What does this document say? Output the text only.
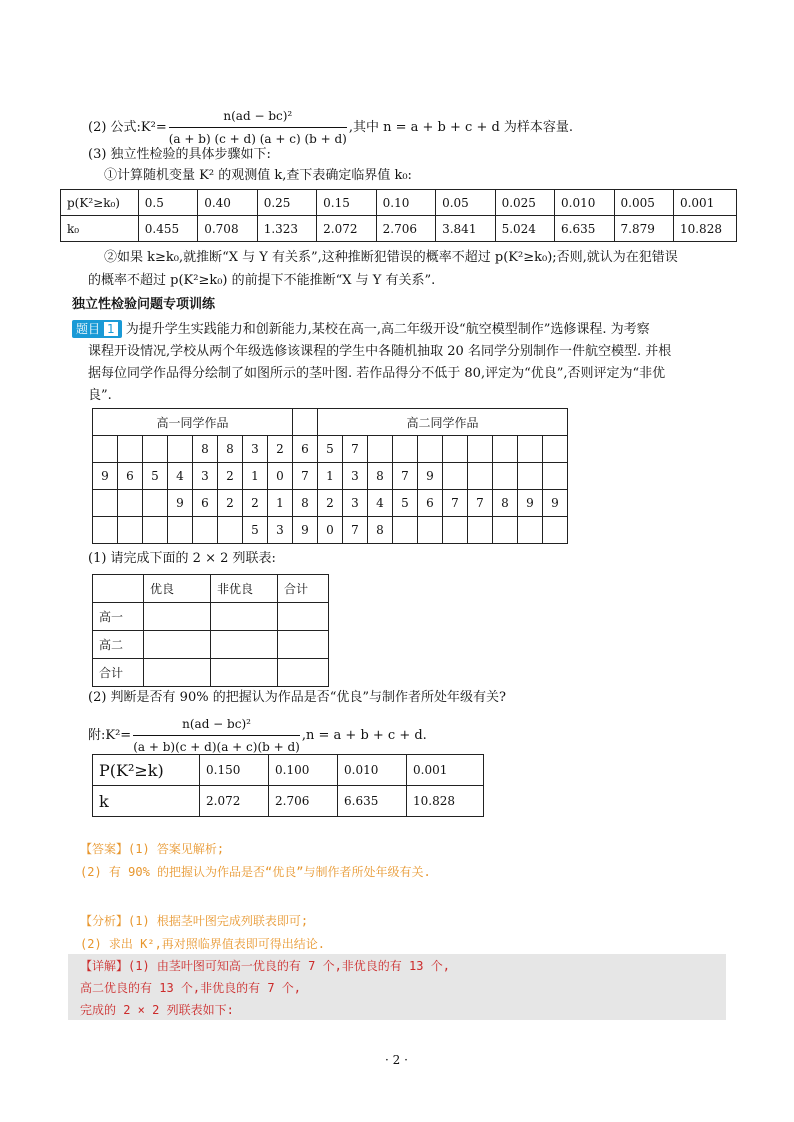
(2) 公式:K²= $\frac{\text{n(ad − bc)²}}{(a + b) (c + d) (a + c) (b + d)}$ ,其中 n = a + b + c + d 为样本容量.
(3) 独立性检验的具体步骤如下:
①计算随机变量 K² 的观测值 k,查下表确定临界值 k₀:
p(K²≥k₀)	0.5	0.40	0.25	0.15	0.10	0.05	0.025	0.010	0.005	0.001
k₀	0.455	0.708	1.323	2.072	2.706	3.841	5.024	6.635	7.879	10.828
②如果 k≥k₀,就推断“X 与 Y 有关系”,这种推断犯错误的概率不超过 p(K²≥k₀);否则,就认为在犯错误
的概率不超过 p(K²≥k₀) 的前提下不能推断“X 与 Y 有关系”.
独立性检验问题专项训练
题目 1 为提升学生实践能力和创新能力,某校在高一,高二年级开设“航空模型制作”选修课程. 为考察
课程开设情况,学校从两个年级选修该课程的学生中各随机抽取 20 名同学分别制作一件航空模型. 并根
据每位同学作品得分绘制了如图所示的茎叶图. 若作品得分不低于 80,评定为“优良”,否则评定为“非优
良”.
高一同学作品									高二同学作品									
				8	8	3	2	6	5	7								
9	6	5	4	3	2	1	0	7	1	3	8	7	9					
			9	6	2	2	1	8	2	3	4	5	6	7	7	8	9	9
						5	3	9	0	7	8							
(1) 请完成下面的 2 × 2 列联表:
	优良	非优良	合计
高一			
高二			
合计			
(2) 判断是否有 90% 的把握认为作品是否“优良”与制作者所处年级有关?
附:K²= $\frac{\text{n(ad − bc)²}}{(a + b)(c + d)(a + c)(b + d)} ,n = a + b + c + d$.
P(K²≥k)	0.150	0.100	0.010	0.001
k	2.072	2.706	6.635	10.828
【答案】(1) 答案见解析;
(2) 有 90% 的把握认为作品是否“优良”与制作者所处年级有关.
【分析】(1) 根据茎叶图完成列联表即可;
(2) 求出 K²,再对照临界值表即可得出结论.
【详解】(1) 由茎叶图可知高一优良的有 7 个,非优良的有 13 个,
高二优良的有 13 个,非优良的有 7 个,
完成的 2 × 2 列联表如下:
· 2 ·
